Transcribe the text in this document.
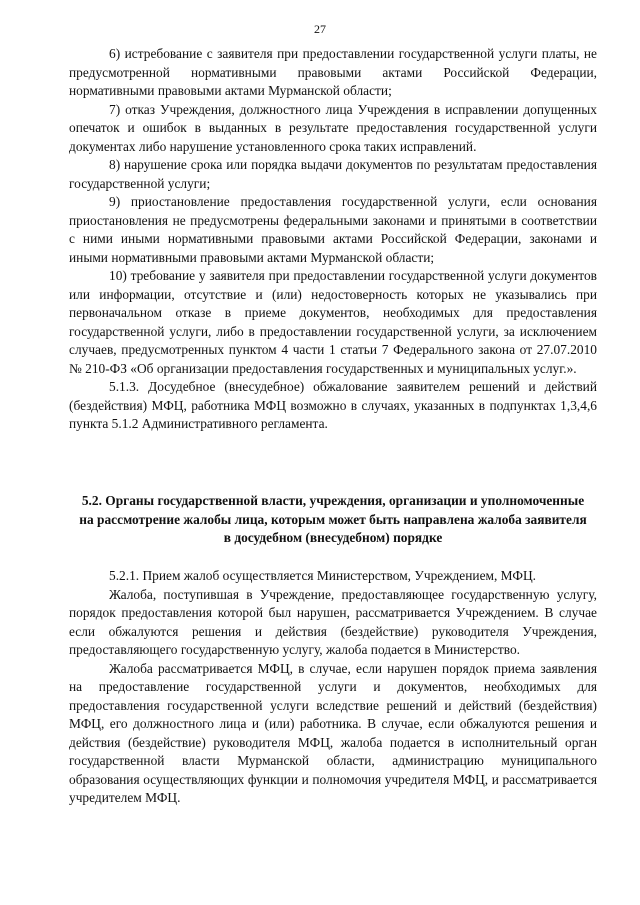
27

6) истребование с заявителя при предоставлении государственной услуги платы, не предусмотренной нормативными правовыми актами Российской Федерации, нормативными правовыми актами Мурманской области;

7) отказ Учреждения, должностного лица Учреждения в исправлении допущенных опечаток и ошибок в выданных в результате предоставления государственной услуги документах либо нарушение установленного срока таких исправлений.

8) нарушение срока или порядка выдачи документов по результатам предоставления государственной услуги;

9) приостановление предоставления государственной услуги, если основания приостановления не предусмотрены федеральными законами и принятыми в соответствии с ними иными нормативными правовыми актами Российской Федерации, законами и иными нормативными правовыми актами Мурманской области;

10) требование у заявителя при предоставлении государственной услуги документов или информации, отсутствие и (или) недостоверность которых не указывались при первоначальном отказе в приеме документов, необходимых для предоставления государственной услуги, либо в предоставлении государственной услуги, за исключением случаев, предусмотренных пунктом 4 части 1 статьи 7 Федерального закона от 27.07.2010 № 210-ФЗ «Об организации предоставления государственных и муниципальных услуг.».

5.1.3. Досудебное (внесудебное) обжалование заявителем решений и действий (бездействия) МФЦ, работника МФЦ возможно в случаях, указанных в подпунктах 1,3,4,6 пункта 5.1.2 Административного регламента.

5.2. Органы государственной власти, учреждения, организации и уполномоченные на рассмотрение жалобы лица, которым может быть направлена жалоба заявителя в досудебном (внесудебном) порядке

5.2.1. Прием жалоб осуществляется Министерством, Учреждением, МФЦ.

Жалоба, поступившая в Учреждение, предоставляющее государственную услугу, порядок предоставления которой был нарушен, рассматривается Учреждением. В случае если обжалуются решения и действия (бездействие) руководителя Учреждения, предоставляющего государственную услугу, жалоба подается в Министерство.

Жалоба рассматривается МФЦ, в случае, если нарушен порядок приема заявления на предоставление государственной услуги и документов, необходимых для предоставления государственной услуги вследствие решений и действий (бездействия) МФЦ, его должностного лица и (или) работника. В случае, если обжалуются решения и действия (бездействие) руководителя МФЦ, жалоба подается в исполнительный орган государственной власти Мурманской области, администрацию муниципального образования осуществляющих функции и полномочия учредителя МФЦ, и рассматривается учредителем МФЦ.
